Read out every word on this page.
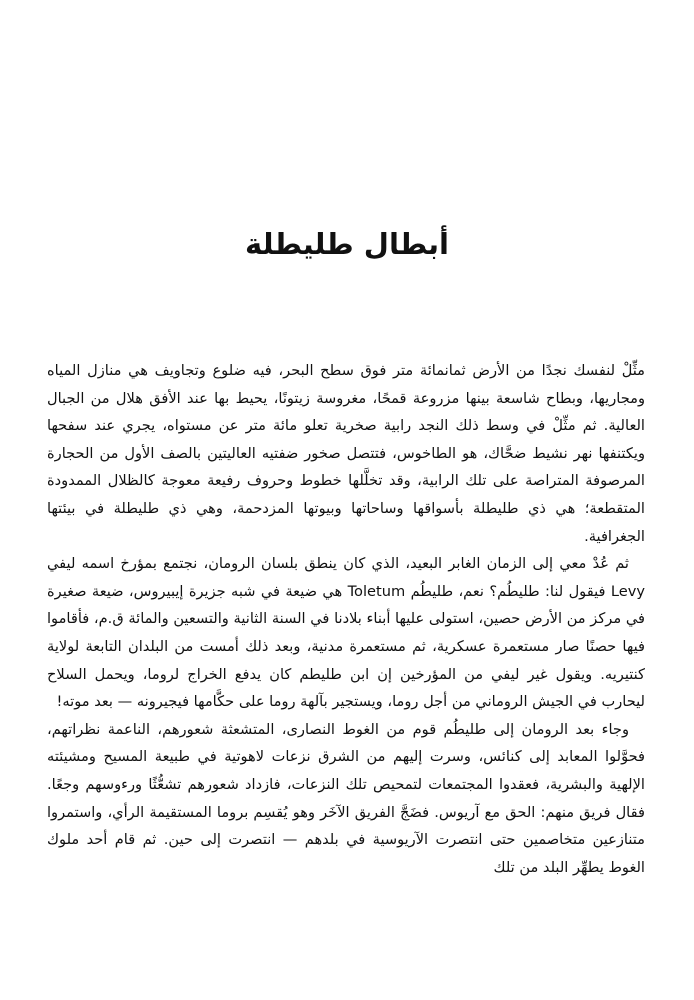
أبطال طليطلة

مثِّلْ لنفسك نجدًا من الأرض ثمانمائة متر فوق سطح البحر، فيه ضلوع وتجاويف هي منازل المياه ومجاريها، وبطاح شاسعة بينها مزروعة قمحًا، مغروسة زيتونًا، يحيط بها عند الأفق هلال من الجبال العالية. ثم مثِّلْ في وسط ذلك النجد رابية صخرية تعلو مائة متر عن مستواه، يجري عند سفحها ويكتنفها نهر نشيط ضحَّاك، هو الطاخوس، فتتصل صخور ضفتيه العاليتين بالصف الأول من الحجارة المرصوفة المتراصة على تلك الرابية، وقد تخلَّلها خطوط وحروف رفيعة معوجة كالظلال الممدودة المتقطعة؛ هي ذي طليطلة بأسواقها وساحاتها وبيوتها المزدحمة، وهي ذي طليطلة في بيئتها الجغرافية.

ثم عُدْ معي إلى الزمان الغابر البعيد، الذي كان ينطق بلسان الرومان، نجتمع بمؤرخ اسمه ليفي Levy فيقول لنا: طليطُم؟ نعم، طليطُم Toletum هي ضيعة في شبه جزيرة إيبيروس، ضيعة صغيرة في مركز من الأرض حصين، استولى عليها أبناء بلادنا في السنة الثانية والتسعين والمائة ق.م، فأقاموا فيها حصنًا صار مستعمرة عسكرية، ثم مستعمرة مدنية، وبعد ذلك أمست من البلدان التابعة لولاية كنتيريه. ويقول غير ليفي من المؤرخين إن ابن طليطم كان يدفع الخراج لروما، ويحمل السلاح ليحارب في الجيش الروماني من أجل روما، ويستجير بآلهة روما على حكَّامها فيجيرونه — بعد موته!

وجاء بعد الرومان إلى طليطُم قوم من الغوط النصارى، المتشعثة شعورهم، الناعمة نظراتهم، فحوَّلوا المعابد إلى كنائس، وسرت إليهم من الشرق نزعات لاهوتية في طبيعة المسيح ومشيئته الإلهية والبشرية، فعقدوا المجتمعات لتمحيص تلك النزعات، فازداد شعورهم تشعُّثًا ورءوسهم وجعًا. فقال فريق منهم: الحق مع آريوس. فضَجَّ الفريق الآخَر وهو يُقسِم بروما المستقيمة الرأي، واستمروا متنازعين متخاصمين حتى انتصرت الآريوسية في بلدهم — انتصرت إلى حين. ثم قام أحد ملوك الغوط يطهِّر البلد من تلك
